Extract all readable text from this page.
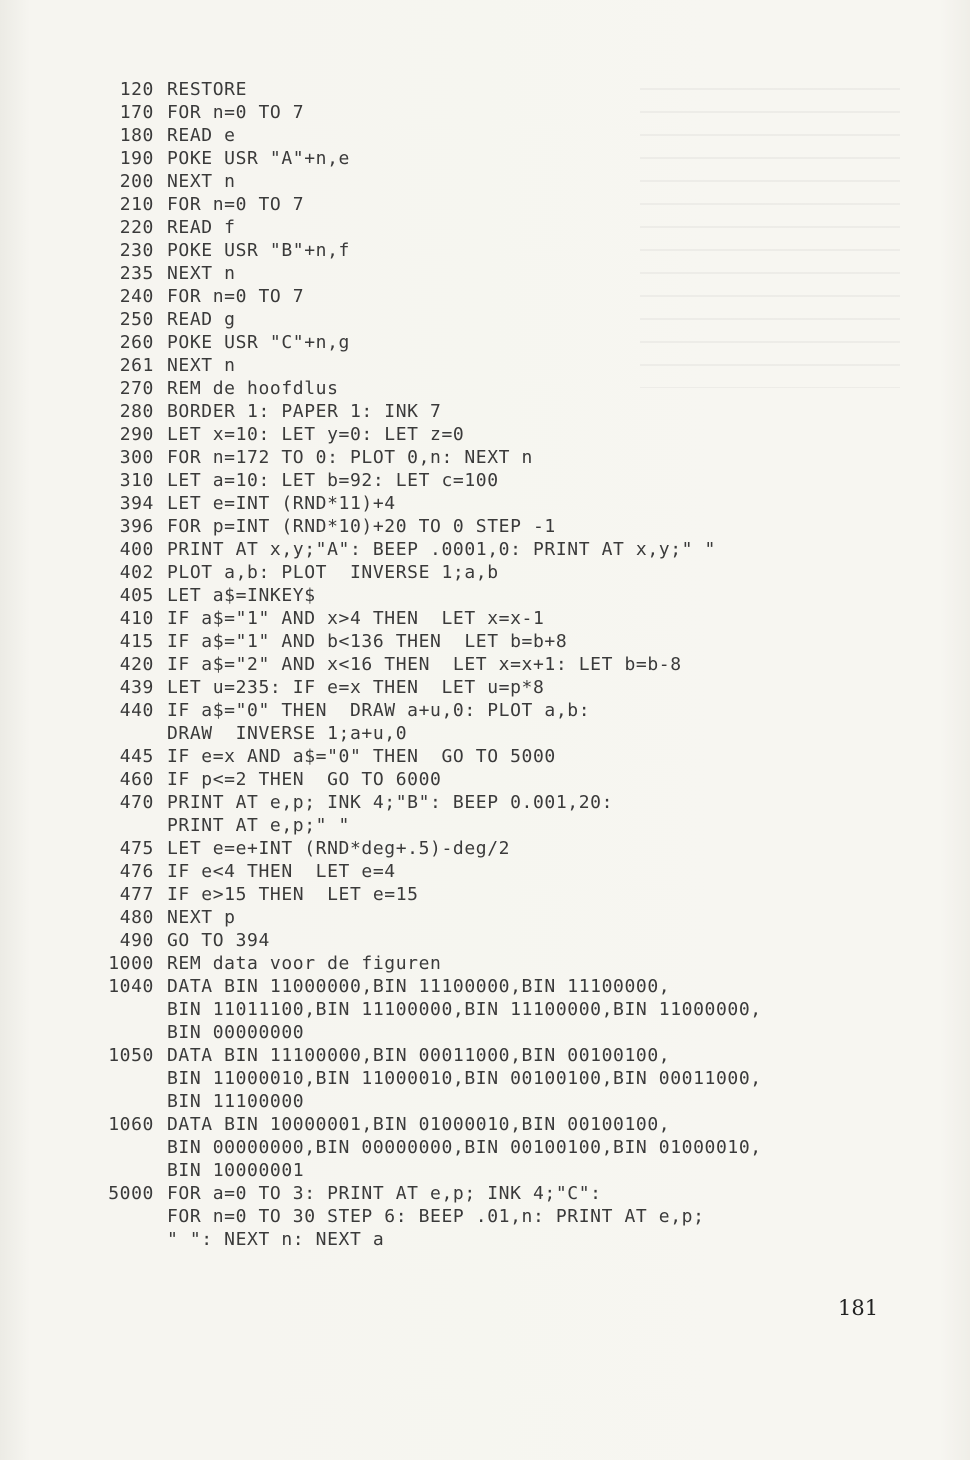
120 RESTORE
170 FOR n=0 TO 7
180 READ e
190 POKE USR "A"+n,e
200 NEXT n
210 FOR n=0 TO 7
220 READ f
230 POKE USR "B"+n,f
235 NEXT n
240 FOR n=0 TO 7
250 READ g
260 POKE USR "C"+n,g
261 NEXT n
270 REM de hoofdlus
280 BORDER 1: PAPER 1: INK 7
290 LET x=10: LET y=0: LET z=0
300 FOR n=172 TO 0: PLOT 0,n: NEXT n
310 LET a=10: LET b=92: LET c=100
394 LET e=INT (RND*11)+4
396 FOR p=INT (RND*10)+20 TO 0 STEP -1
400 PRINT AT x,y;"A": BEEP .0001,0: PRINT AT x,y;" "
402 PLOT a,b: PLOT  INVERSE 1;a,b
405 LET a$=INKEY$
410 IF a$="1" AND x>4 THEN  LET x=x-1
415 IF a$="1" AND b<136 THEN  LET b=b+8
420 IF a$="2" AND x<16 THEN  LET x=x+1: LET b=b-8
439 LET u=235: IF e=x THEN  LET u=p*8
440 IF a$="0" THEN  DRAW a+u,0: PLOT a,b:
DRAW  INVERSE 1;a+u,0
445 IF e=x AND a$="0" THEN  GO TO 5000
460 IF p<=2 THEN  GO TO 6000
470 PRINT AT e,p; INK 4;"B": BEEP 0.001,20:
PRINT AT e,p;" "
475 LET e=e+INT (RND*deg+.5)-deg/2
476 IF e<4 THEN  LET e=4
477 IF e>15 THEN  LET e=15
480 NEXT p
490 GO TO 394
1000 REM data voor de figuren
1040 DATA BIN 11000000,BIN 11100000,BIN 11100000,
BIN 11011100,BIN 11100000,BIN 11100000,BIN 11000000,
BIN 00000000
1050 DATA BIN 11100000,BIN 00011000,BIN 00100100,
BIN 11000010,BIN 11000010,BIN 00100100,BIN 00011000,
BIN 11100000
1060 DATA BIN 10000001,BIN 01000010,BIN 00100100,
BIN 00000000,BIN 00000000,BIN 00100100,BIN 01000010,
BIN 10000001
5000 FOR a=0 TO 3: PRINT AT e,p; INK 4;"C":
FOR n=0 TO 30 STEP 6: BEEP .01,n: PRINT AT e,p;
" ": NEXT n: NEXT a
181
